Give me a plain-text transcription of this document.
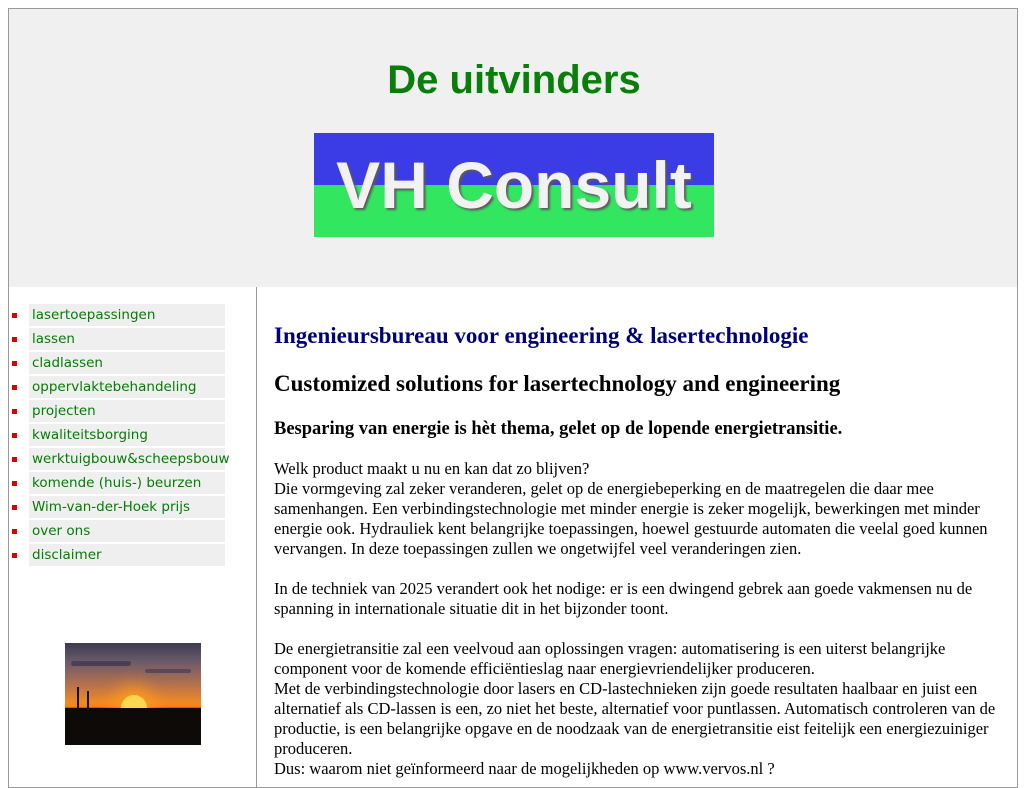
De uitvinders
VH Consult
lasertoepassingen
lassen
cladlassen
oppervlaktebehandeling
projecten
kwaliteitsborging
werktuigbouw&scheepsbouw
komende (huis-) beurzen
Wim-van-der-Hoek prijs
over ons
disclaimer
Ingenieursbureau voor engineering & lasertechnologie
Customized solutions for lasertechnology and engineering
Besparing van energie is hèt thema, gelet op de lopende energietransitie.

Welk product maakt u nu en kan dat zo blijven?
Die vormgeving zal zeker veranderen, gelet op de energiebeperking en de maatregelen die daar mee samenhangen. Een verbindingstechnologie met minder energie is zeker mogelijk, bewerkingen met minder energie ook. Hydrauliek kent belangrijke toepassingen, hoewel gestuurde automaten die veelal goed kunnen vervangen. In deze toepassingen zullen we ongetwijfel veel veranderingen zien.

In de techniek van 2025 verandert ook het nodige: er is een dwingend gebrek aan goede vakmensen nu de spanning in internationale situatie dit in het bijzonder toont.

De energietransitie zal een veelvoud aan oplossingen vragen: automatisering is een uiterst belangrijke component voor de komende efficiëntieslag naar energievriendelijker produceren.
Met de verbindingstechnologie door lasers en CD-lastechnieken zijn goede resultaten haalbaar en juist een alternatief als CD-lassen is een, zo niet het beste, alternatief voor puntlassen. Automatisch controleren van de productie, is een belangrijke opgave en de noodzaak van de energietransitie eist feitelijk een energiezuiniger produceren.
Dus: waarom niet geïnformeerd naar de mogelijkheden op www.vervos.nl ?
